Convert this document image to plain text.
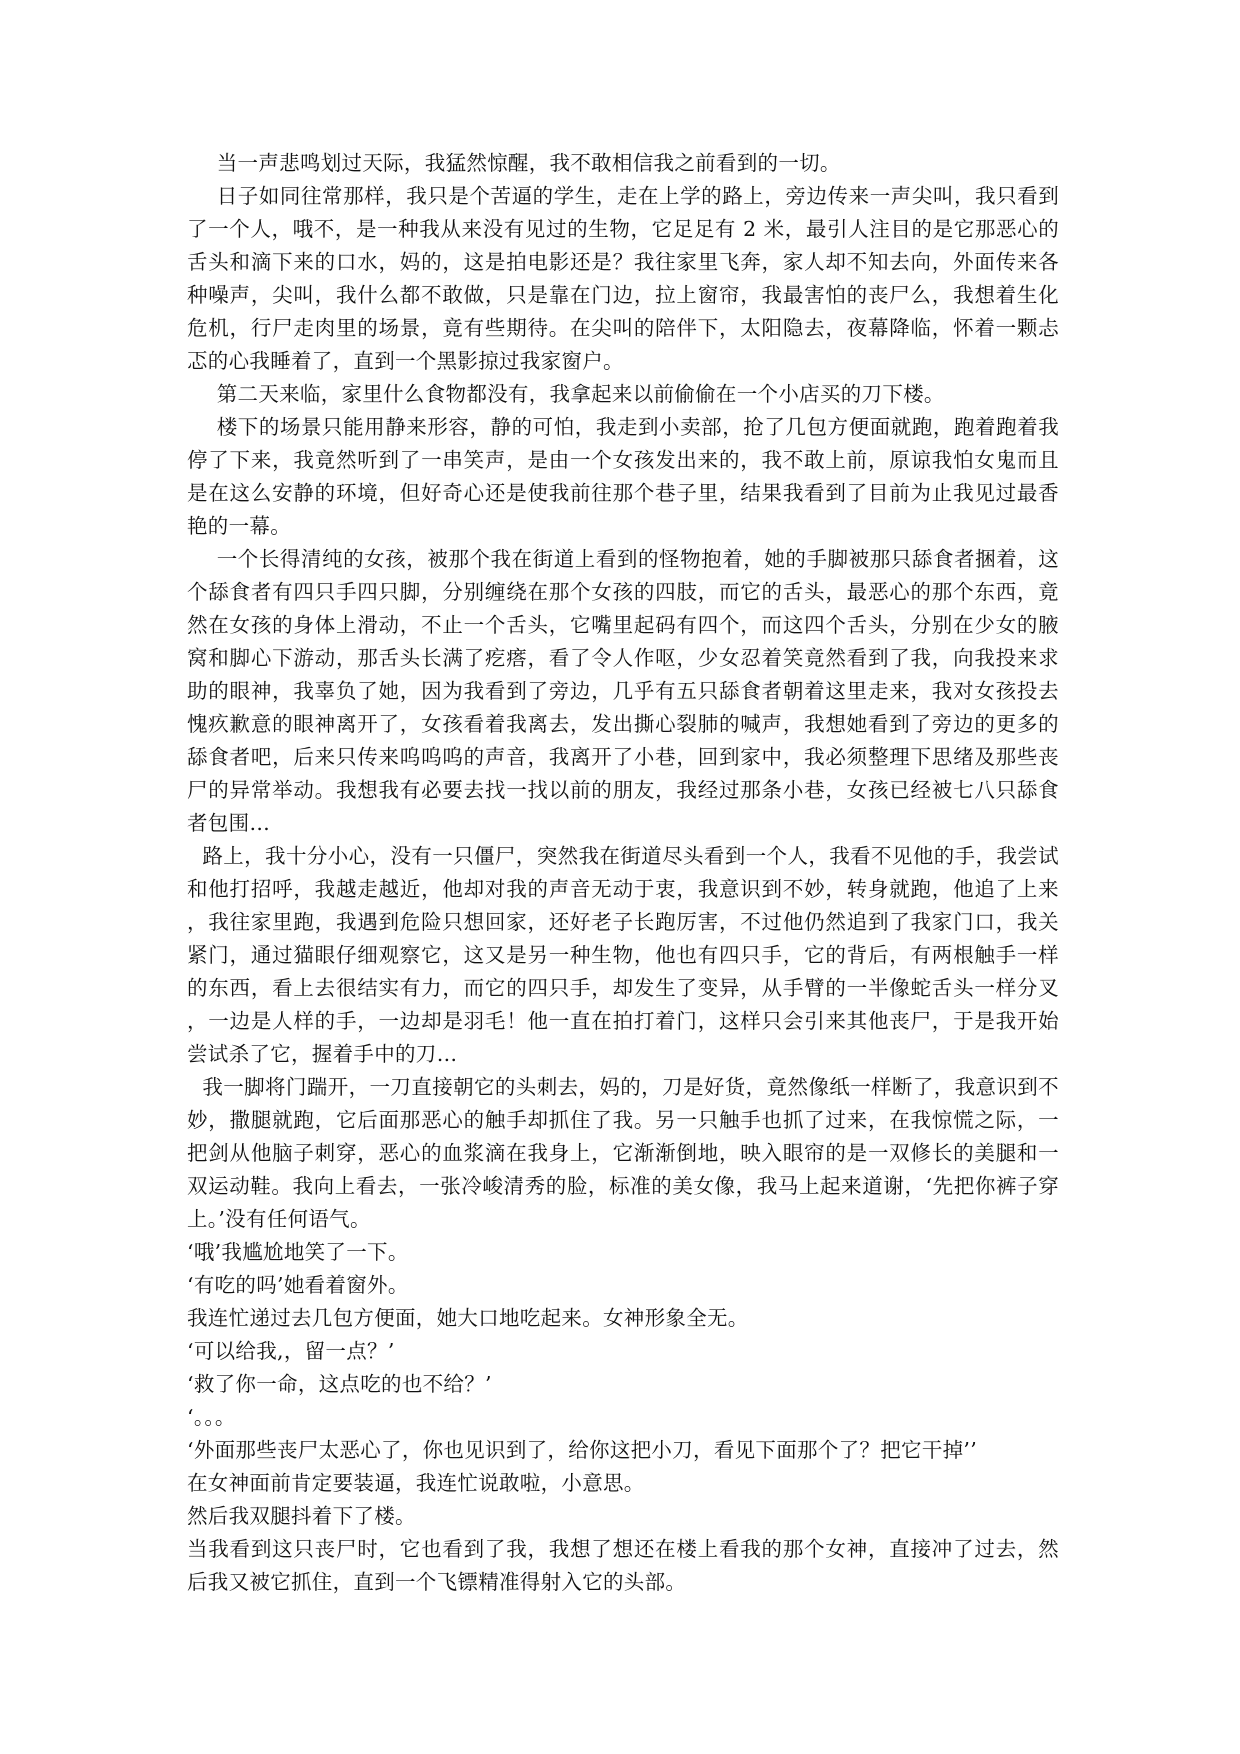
当一声悲鸣划过天际，我猛然惊醒，我不敢相信我之前看到的一切。

日子如同往常那样，我只是个苦逼的学生，走在上学的路上，旁边传来一声尖叫，我只看到了一个人，哦不，是一种我从来没有见过的生物，它足足有 2 米，最引人注目的是它那恶心的舌头和滴下来的口水，妈的，这是拍电影还是？我往家里飞奔，家人却不知去向，外面传来各种噪声，尖叫，我什么都不敢做，只是靠在门边，拉上窗帘，我最害怕的丧尸么，我想着生化危机，行尸走肉里的场景，竟有些期待。在尖叫的陪伴下，太阳隐去，夜幕降临，怀着一颗忐忑的心我睡着了，直到一个黑影掠过我家窗户。

第二天来临，家里什么食物都没有，我拿起来以前偷偷在一个小店买的刀下楼。

楼下的场景只能用静来形容，静的可怕，我走到小卖部，抢了几包方便面就跑，跑着跑着我停了下来，我竟然听到了一串笑声，是由一个女孩发出来的，我不敢上前，原谅我怕女鬼而且是在这么安静的环境，但好奇心还是使我前往那个巷子里，结果我看到了目前为止我见过最香艳的一幕。

一个长得清纯的女孩，被那个我在街道上看到的怪物抱着，她的手脚被那只舔食者捆着，这个舔食者有四只手四只脚，分别缠绕在那个女孩的四肢，而它的舌头，最恶心的那个东西，竟然在女孩的身体上滑动，不止一个舌头，它嘴里起码有四个，而这四个舌头，分别在少女的腋窝和脚心下游动，那舌头长满了疙瘩，看了令人作呕，少女忍着笑竟然看到了我，向我投来求助的眼神，我辜负了她，因为我看到了旁边，几乎有五只舔食者朝着这里走来，我对女孩投去愧疚歉意的眼神离开了，女孩看着我离去，发出撕心裂肺的喊声，我想她看到了旁边的更多的舔食者吧，后来只传来呜呜呜的声音，我离开了小巷，回到家中，我必须整理下思绪及那些丧尸的异常举动。我想我有必要去找一找以前的朋友，我经过那条小巷，女孩已经被七八只舔食者包围…

路上，我十分小心，没有一只僵尸，突然我在街道尽头看到一个人，我看不见他的手，我尝试和他打招呼，我越走越近，他却对我的声音无动于衷，我意识到不妙，转身就跑，他追了上来，我往家里跑，我遇到危险只想回家，还好老子长跑厉害，不过他仍然追到了我家门口，我关紧门，通过猫眼仔细观察它，这又是另一种生物，他也有四只手，它的背后，有两根触手一样的东西，看上去很结实有力，而它的四只手，却发生了变异，从手臂的一半像蛇舌头一样分叉，一边是人样的手，一边却是羽毛！他一直在拍打着门，这样只会引来其他丧尸，于是我开始尝试杀了它，握着手中的刀…

我一脚将门踹开，一刀直接朝它的头刺去，妈的，刀是好货，竟然像纸一样断了，我意识到不妙，撒腿就跑，它后面那恶心的触手却抓住了我。另一只触手也抓了过来，在我惊慌之际，一把剑从他脑子刺穿，恶心的血浆滴在我身上，它渐渐倒地，映入眼帘的是一双修长的美腿和一双运动鞋。我向上看去，一张冷峻清秀的脸，标准的美女像，我马上起来道谢，‘先把你裤子穿上。’没有任何语气。

‘哦’我尴尬地笑了一下。

‘有吃的吗’她看着窗外。

我连忙递过去几包方便面，她大口地吃起来。女神形象全无。

‘可以给我,，留一点？’

‘救了你一命，这点吃的也不给？’

‘。。。

‘外面那些丧尸太恶心了，你也见识到了，给你这把小刀，看见下面那个了？把它干掉’’

在女神面前肯定要装逼，我连忙说敢啦，小意思。

然后我双腿抖着下了楼。

当我看到这只丧尸时，它也看到了我，我想了想还在楼上看我的那个女神，直接冲了过去，然后我又被它抓住，直到一个飞镖精准得射入它的头部。
